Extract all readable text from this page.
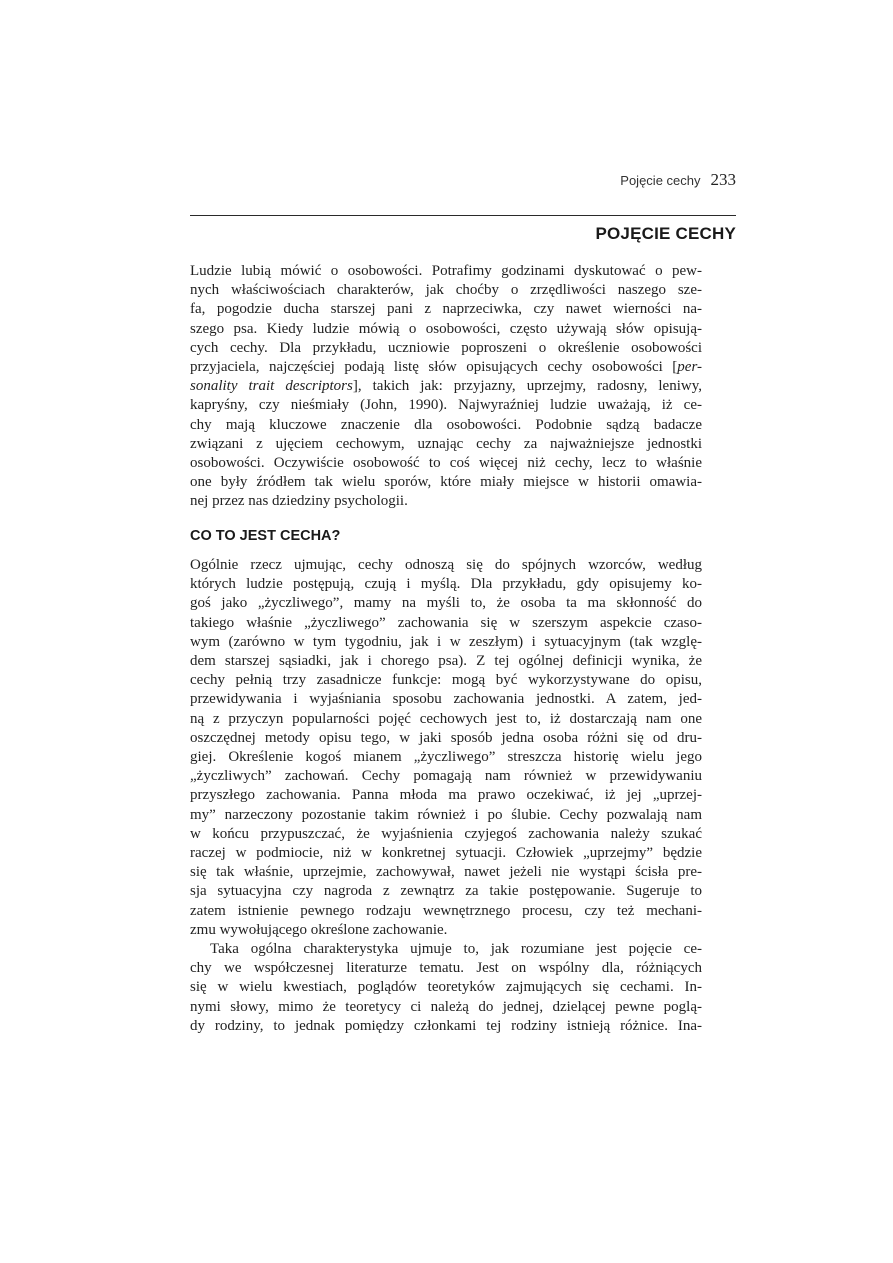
Pojęcie cechy 233
POJĘCIE CECHY
Ludzie lubią mówić o osobowości. Potrafimy godzinami dyskutować o pew-
nych właściwościach charakterów, jak choćby o zrzędliwości naszego sze-
fa, pogodzie ducha starszej pani z naprzeciwka, czy nawet wierności na-
szego psa. Kiedy ludzie mówią o osobowości, często używają słów opisują-
cych cechy. Dla przykładu, uczniowie poproszeni o określenie osobowości
przyjaciela, najczęściej podają listę słów opisujących cechy osobowości [per-
sonality trait descriptors], takich jak: przyjazny, uprzejmy, radosny, leniwy,
kapryśny, czy nieśmiały (John, 1990). Najwyraźniej ludzie uważają, iż ce-
chy mają kluczowe znaczenie dla osobowości. Podobnie sądzą badacze
związani z ujęciem cechowym, uznając cechy za najważniejsze jednostki
osobowości. Oczywiście osobowość to coś więcej niż cechy, lecz to właśnie
one były źródłem tak wielu sporów, które miały miejsce w historii omawia-
nej przez nas dziedziny psychologii.
CO TO JEST CECHA?
Ogólnie rzecz ujmując, cechy odnoszą się do spójnych wzorców, według
których ludzie postępują, czują i myślą. Dla przykładu, gdy opisujemy ko-
goś jako „życzliwego”, mamy na myśli to, że osoba ta ma skłonność do
takiego właśnie „życzliwego” zachowania się w szerszym aspekcie czaso-
wym (zarówno w tym tygodniu, jak i w zeszłym) i sytuacyjnym (tak wzglę-
dem starszej sąsiadki, jak i chorego psa). Z tej ogólnej definicji wynika, że
cechy pełnią trzy zasadnicze funkcje: mogą być wykorzystywane do opisu,
przewidywania i wyjaśniania sposobu zachowania jednostki. A zatem, jed-
ną z przyczyn popularności pojęć cechowych jest to, iż dostarczają nam one
oszczędnej metody opisu tego, w jaki sposób jedna osoba różni się od dru-
giej. Określenie kogoś mianem „życzliwego” streszcza historię wielu jego
„życzliwych” zachowań. Cechy pomagają nam również w przewidywaniu
przyszłego zachowania. Panna młoda ma prawo oczekiwać, iż jej „uprzej-
my” narzeczony pozostanie takim również i po ślubie. Cechy pozwalają nam
w końcu przypuszczać, że wyjaśnienia czyjegoś zachowania należy szukać
raczej w podmiocie, niż w konkretnej sytuacji. Człowiek „uprzejmy” będzie
się tak właśnie, uprzejmie, zachowywał, nawet jeżeli nie wystąpi ścisła pre-
sja sytuacyjna czy nagroda z zewnątrz za takie postępowanie. Sugeruje to
zatem istnienie pewnego rodzaju wewnętrznego procesu, czy też mechani-
zmu wywołującego określone zachowanie.
Taka ogólna charakterystyka ujmuje to, jak rozumiane jest pojęcie ce-
chy we współczesnej literaturze tematu. Jest on wspólny dla, różniących
się w wielu kwestiach, poglądów teoretyków zajmujących się cechami. In-
nymi słowy, mimo że teoretycy ci należą do jednej, dzielącej pewne poglą-
dy rodziny, to jednak pomiędzy członkami tej rodziny istnieją różnice. Ina-
